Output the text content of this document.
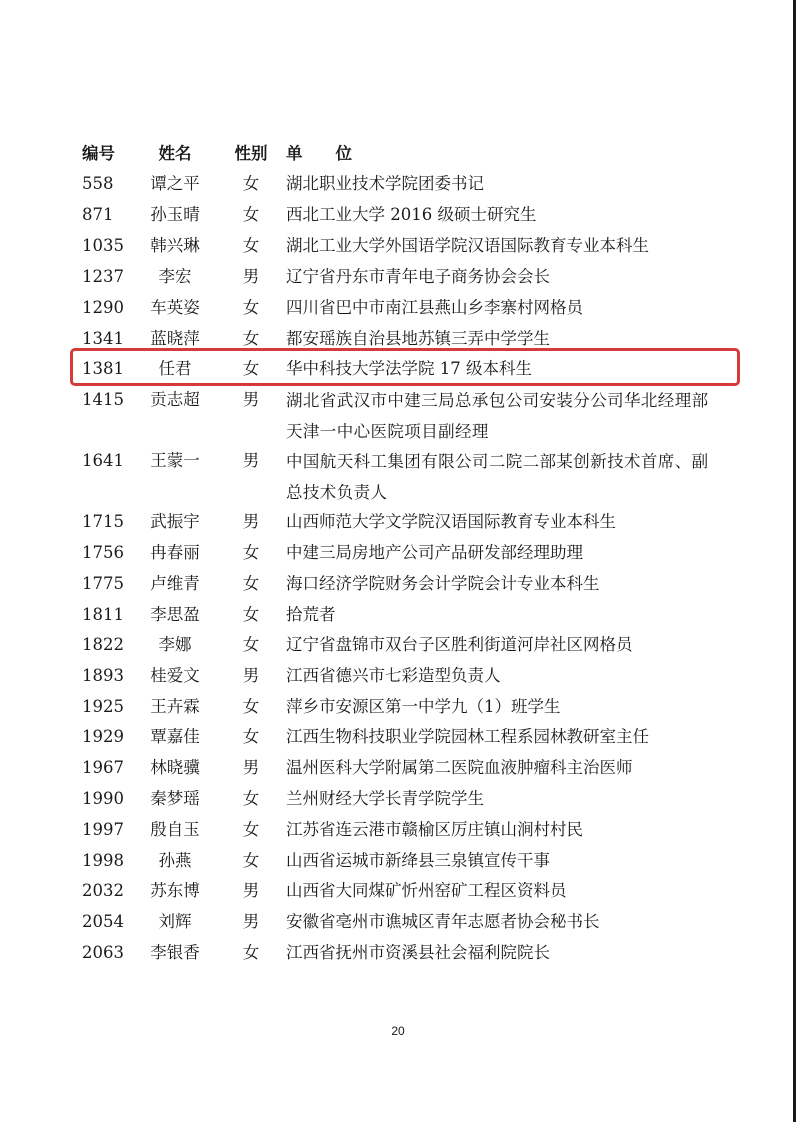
编号	姓名	性别 单　　位
558	谭之平	女	湖北职业技术学院团委书记
871	孙玉晴	女	西北工业大学 2016 级硕士研究生
1035	韩兴琳	女	湖北工业大学外国语学院汉语国际教育专业本科生
1237	李宏	男	辽宁省丹东市青年电子商务协会会长
1290	车英姿	女	四川省巴中市南江县燕山乡李寨村网格员
1341	蓝晓萍	女	都安瑶族自治县地苏镇三弄中学学生
1381	任君	女	华中科技大学法学院 17 级本科生
1415	贡志超	男	湖北省武汉市中建三局总承包公司安装分公司华北经理部天津一中心医院项目副经理
1641	王蒙一	男	中国航天科工集团有限公司二院二部某创新技术首席、副总技术负责人
1715	武振宇	男	山西师范大学文学院汉语国际教育专业本科生
1756	冉春丽	女	中建三局房地产公司产品研发部经理助理
1775	卢维青	女	海口经济学院财务会计学院会计专业本科生
1811	李思盈	女	拾荒者
1822	李娜	女	辽宁省盘锦市双台子区胜利街道河岸社区网格员
1893	桂爱文	男	江西省德兴市七彩造型负责人
1925	王卉霖	女	萍乡市安源区第一中学九（1）班学生
1929	覃嘉佳	女	江西生物科技职业学院园林工程系园林教研室主任
1967	林晓骥	男	温州医科大学附属第二医院血液肿瘤科主治医师
1990	秦梦瑶	女	兰州财经大学长青学院学生
1997	殷自玉	女	江苏省连云港市赣榆区厉庄镇山涧村村民
1998	孙燕	女	山西省运城市新绛县三泉镇宣传干事
2032	苏东博	男	山西省大同煤矿忻州窑矿工程区资料员
2054	刘辉	男	安徽省亳州市谯城区青年志愿者协会秘书长
2063	李银香	女	江西省抚州市资溪县社会福利院院长
20
